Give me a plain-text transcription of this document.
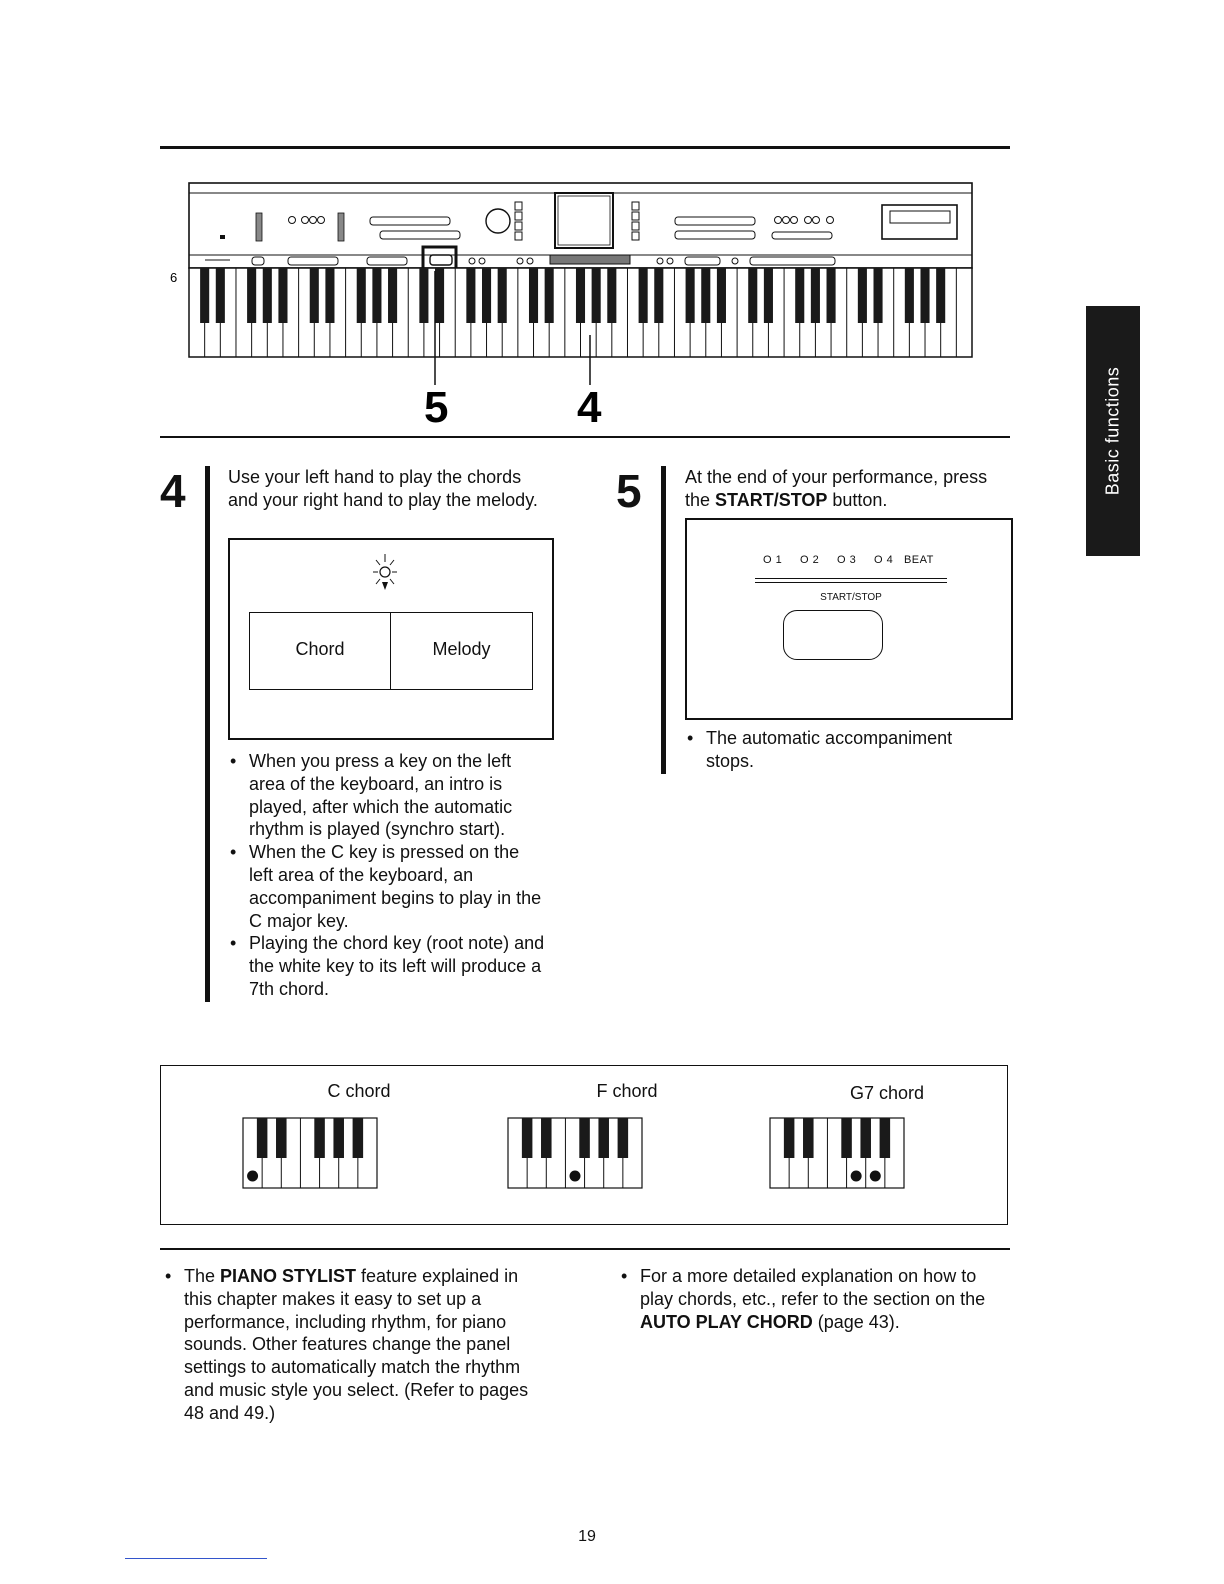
Basic functions
6
5	4
4 Use your left hand to play the chords and your right hand to play the melody.
Chord	Melody
• When you press a key on the left area of the keyboard, an intro is played, after which the automatic rhythm is played (synchro start).
• When the C key is pressed on the left area of the keyboard, an accompaniment begins to play in the C major key.
• Playing the chord key (root note) and the white key to its left will produce a 7th chord.
5 At the end of your performance, press the START/STOP button.
O 1 O 2 O 3 O 4 BEAT
START/STOP
• The automatic accompaniment stops.
C chord	F chord	G7 chord
• The PIANO STYLIST feature explained in this chapter makes it easy to set up a performance, including rhythm, for piano sounds. Other features change the panel settings to automatically match the rhythm and music style you select. (Refer to pages 48 and 49.)
• For a more detailed explanation on how to play chords, etc., refer to the section on the AUTO PLAY CHORD (page 43).
19
